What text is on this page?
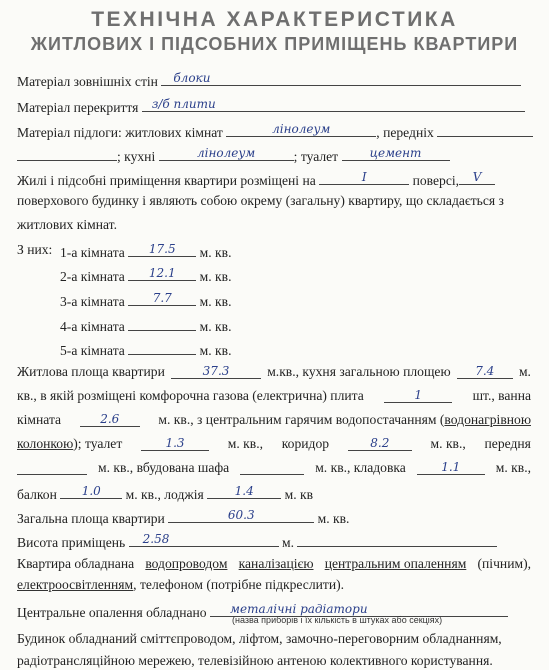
ТЕХНІЧНА ХАРАКТЕРИСТИКА
ЖИТЛОВИХ І ПІДСОБНИХ ПРИМІЩЕНЬ КВАРТИРИ
Матеріал зовнішніх стін	блоки
Матеріал перекриття	з/б плити
Матеріал підлоги: житлових кімнат	лінолеум	, передніх
; кухні	лінолеум	; туалет	цемент
Жилі і підсобні приміщення квартири розміщені на	I	поверсі,	V
поверхового будинку і являють собою окрему (загальну) квартиру, що складається з
житлових кімнат.
З них: 1-а кімната	17.5	м. кв.
2-а кімната	12.1	м. кв.
3-а кімната	7.7	м. кв.
4-а кімната	м. кв.
5-а кімната	м. кв.
Житлова площа квартири	37.3	м.кв., кухня загальною площею	7.4	м.
кв., в якій розміщені комфорочна газова (електрична) плита	1	шт., ванна
кімната	2.6	м. кв., з центральним гарячим водопостачанням (водонагрівною
колонкою); туалет	1.3	м. кв., коридор	8.2	м. кв., передня
м. кв., вбудована шафа	м. кв., кладовка	1.1	м. кв.,
балкон	1.0	м. кв., лоджія	1.4	м. кв
Загальна площа квартири	60.3	м. кв.
Висота приміщень	2.58	м.
Квартира обладнана водопроводом каналізацією центральним опаленням (пічним),
електроосвітленням, телефоном (потрібне підкреслити).
Центральне опалення обладнано	металічні радіатори
(назва приборів і їх кількість в штуках або секціях)
Будинок обладнаний сміттєпроводом, ліфтом, замочно-переговорним обладнанням,
радіотрансляційною мережею, телевізійною антеною колективного користування.
